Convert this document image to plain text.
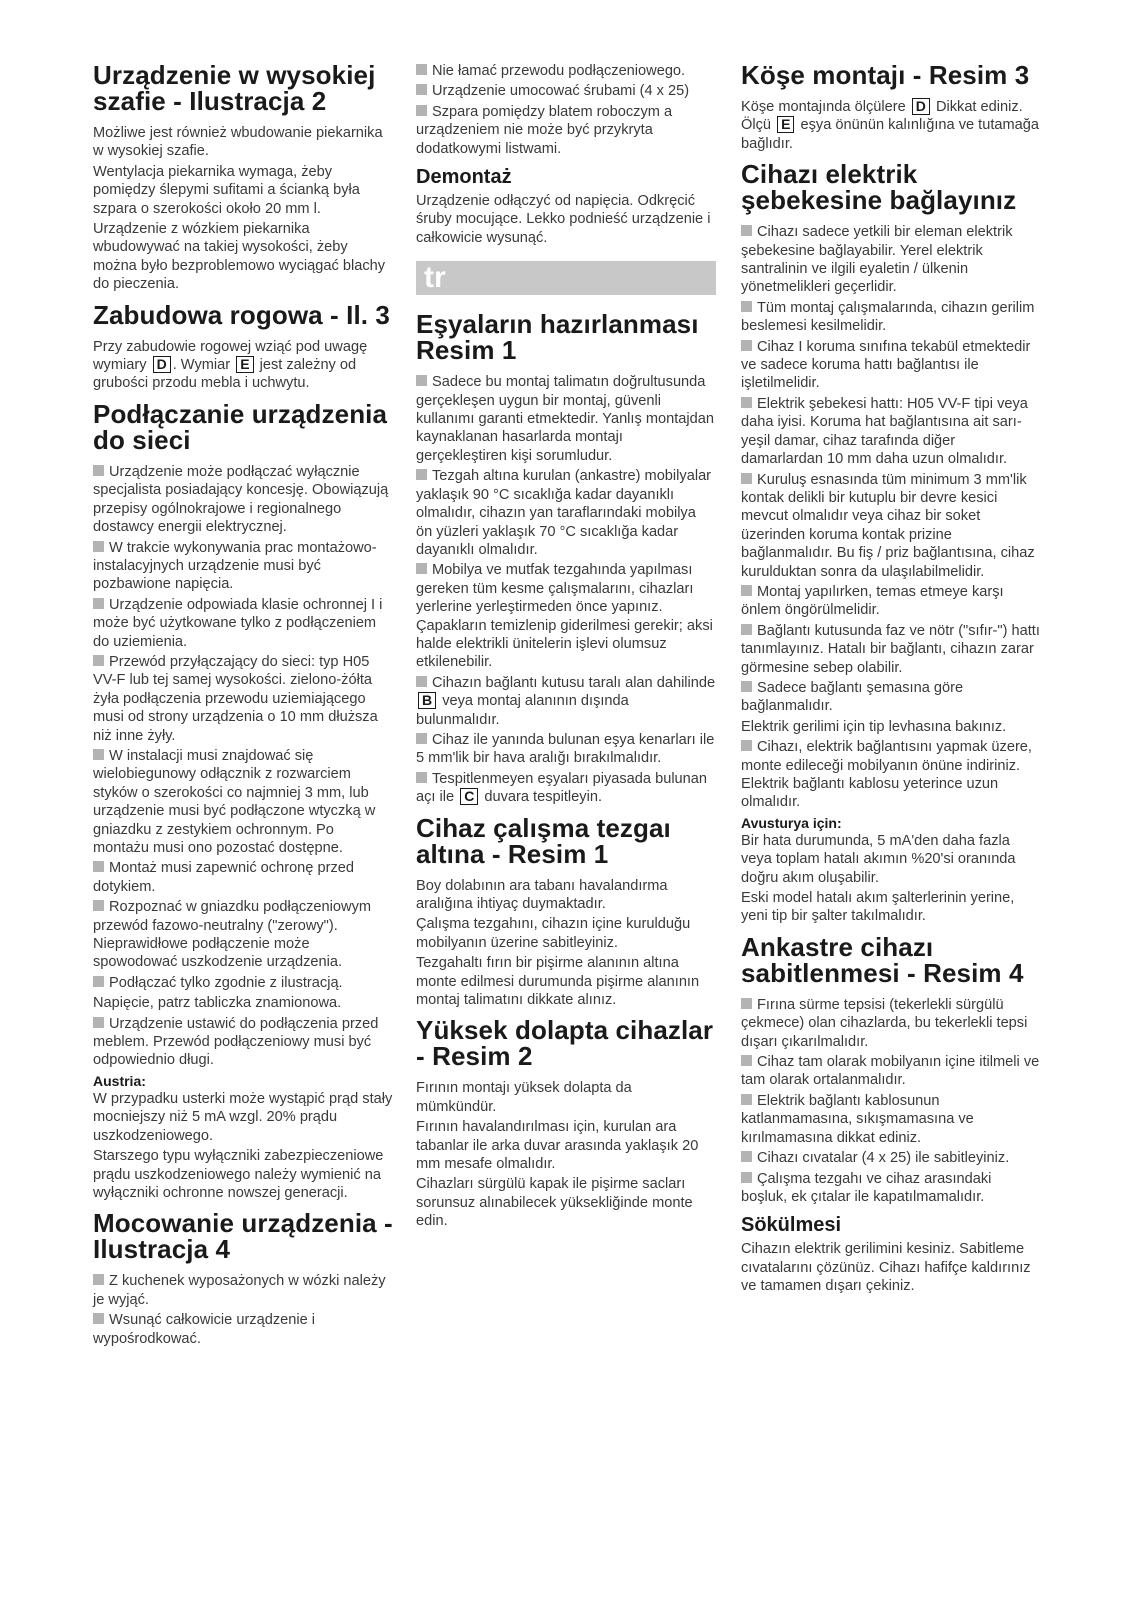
Urządzenie w wysokiej szafie - Ilustracja 2

Możliwe jest również wbudowanie piekarnika w wysokiej szafie.

Wentylacja piekarnika wymaga, żeby pomiędzy ślepymi sufitami a ścianką była szpara o szerokości około 20 mm l.

Urządzenie z wózkiem piekarnika wbudowywać na takiej wysokości, żeby można było bezproblemowo wyciągać blachy do pieczenia.

Zabudowa rogowa - Il. 3

Przy zabudowie rogowej wziąć pod uwagę wymiary D . Wymiar E jest zależny od grubości przodu mebla i uchwytu.

Podłączanie urządzenia do sieci

Urządzenie może podłączać wyłącznie specjalista posiadający koncesję. Obowiązują przepisy ogólnokrajowe i regionalnego dostawcy energii elektrycznej.

W trakcie wykonywania prac montażowo-instalacyjnych urządzenie musi być pozbawione napięcia.

Urządzenie odpowiada klasie ochronnej I i może być użytkowane tylko z podłączeniem do uziemienia.

Przewód przyłączający do sieci: typ H05 VV-F lub tej samej wysokości. zielono-żółta żyła podłączenia przewodu uziemiającego musi od strony urządzenia o 10 mm dłuższa niż inne żyły.

W instalacji musi znajdować się wielobiegunowy odłącznik z rozwarciem styków o szerokości co najmniej 3 mm, lub urządzenie musi być podłączone wtyczką w gniazdku z zestykiem ochronnym. Po montażu musi ono pozostać dostępne.

Montaż musi zapewnić ochronę przed dotykiem.

Rozpoznać w gniazdku podłączeniowym przewód fazowo-neutralny ("zerowy"). Nieprawidłowe podłączenie może spowodować uszkodzenie urządzenia.

Podłączać tylko zgodnie z ilustracją.

Napięcie, patrz tabliczka znamionowa.

Urządzenie ustawić do podłączenia przed meblem. Przewód podłączeniowy musi być odpowiednio długi.

Austria:

W przypadku usterki może wystąpić prąd stały mocniejszy niż 5 mA wzgl. 20% prądu uszkodzeniowego.

Starszego typu wyłączniki zabezpieczeniowe prądu uszkodzeniowego należy wymienić na wyłączniki ochronne nowszej generacji.

Mocowanie urządzenia - Ilustracja 4

Z kuchenek wyposażonych w wózki należy je wyjąć.

Wsunąć całkowicie urządzenie i wypośrodkować.

Nie łamać przewodu podłączeniowego.

Urządzenie umocować śrubami (4 x 25)

Szpara pomiędzy blatem roboczym a urządzeniem nie może być przykryta dodatkowymi listwami.

Demontaż

Urządzenie odłączyć od napięcia. Odkręcić śruby mocujące. Lekko podnieść urządzenie i całkowicie wysunąć.

tr
Eşyaların hazırlanması Resim 1

Sadece bu montaj talimatın doğrultusunda gerçekleşen uygun bir montaj, güvenli kullanımı garanti etmektedir. Yanlış montajdan kaynaklanan hasarlarda montajı gerçekleştiren kişi sorumludur.

Tezgah altına kurulan (ankastre) mobilyalar yaklaşık 90 °C sıcaklığa kadar dayanıklı olmalıdır, cihazın yan taraflarındaki mobilya ön yüzleri yaklaşık 70 °C sıcaklığa kadar dayanıklı olmalıdır.

Mobilya ve mutfak tezgahında yapılması gereken tüm kesme çalışmalarını, cihazları yerlerine yerleştirmeden önce yapınız. Çapakların temizlenip giderilmesi gerekir; aksi halde elektrikli ünitelerin işlevi olumsuz etkilenebilir.

Cihazın bağlantı kutusu taralı alan dahilinde B veya montaj alanının dışında bulunmalıdır.

Cihaz ile yanında bulunan eşya kenarları ile 5 mm'lik bir hava aralığı bırakılmalıdır.

Tespitlenmeyen eşyaları piyasada bulunan açı ile C duvara tespitleyin.

Cihaz çalışma tezgaı altına - Resim 1

Boy dolabının ara tabanı havalandırma aralığına ihtiyaç duymaktadır.

Çalışma tezgahını, cihazın içine kurulduğu mobilyanın üzerine sabitleyiniz.

Tezgahaltı fırın bir pişirme alanının altına monte edilmesi durumunda pişirme alanının montaj talimatını dikkate alınız.

Yüksek dolapta cihazlar - Resim 2

Fırının montajı yüksek dolapta da mümkündür.

Fırının havalandırılması için, kurulan ara tabanlar ile arka duvar arasında yaklaşık 20 mm mesafe olmalıdır.

Cihazları sürgülü kapak ile pişirme sacları sorunsuz alınabilecek yüksekliğinde monte edin.

Köşe montajı - Resim 3

Köşe montajında ölçülere D Dikkat ediniz. Ölçü E eşya önünün kalınlığına ve tutamağa bağlıdır.

Cihazı elektrik şebekesine bağlayınız

Cihazı sadece yetkili bir eleman elektrik şebekesine bağlayabilir. Yerel elektrik santralinin ve ilgili eyaletin / ülkenin yönetmelikleri geçerlidir.

Tüm montaj çalışmalarında, cihazın gerilim beslemesi kesilmelidir.

Cihaz I koruma sınıfına tekabül etmektedir ve sadece koruma hattı bağlantısı ile işletilmelidir.

Elektrik şebekesi hattı: H05 VV-F tipi veya daha iyisi. Koruma hat bağlantısına ait sarı-yeşil damar, cihaz tarafında diğer damarlardan 10 mm daha uzun olmalıdır.

Kuruluş esnasında tüm minimum 3 mm'lik kontak delikli bir kutuplu bir devre kesici mevcut olmalıdır veya cihaz bir soket üzerinden koruma kontak prizine bağlanmalıdır. Bu fiş / priz bağlantısına, cihaz kurulduktan sonra da ulaşılabilmelidir.

Montaj yapılırken, temas etmeye karşı önlem öngörülmelidir.

Bağlantı kutusunda faz ve nötr ("sıfır-") hattı tanımlayınız. Hatalı bir bağlantı, cihazın zarar görmesine sebep olabilir.

Sadece bağlantı şemasına göre bağlanmalıdır.

Elektrik gerilimi için tip levhasına bakınız.

Cihazı, elektrik bağlantısını yapmak üzere, monte edileceği mobilyanın önüne indiriniz. Elektrik bağlantı kablosu yeterince uzun olmalıdır.

Avusturya için:

Bir hata durumunda, 5 mA'den daha fazla veya toplam hatalı akımın %20'si oranında doğru akım oluşabilir.

Eski model hatalı akım şalterlerinin yerine, yeni tip bir şalter takılmalıdır.

Ankastre cihazı sabitlenmesi - Resim 4

Fırına sürme tepsisi (tekerlekli sürgülü çekmece) olan cihazlarda, bu tekerlekli tepsi dışarı çıkarılmalıdır.

Cihaz tam olarak mobilyanın içine itilmeli ve tam olarak ortalanmalıdır.

Elektrik bağlantı kablosunun katlanmamasına, sıkışmamasına ve kırılmamasına dikkat ediniz.

Cihazı cıvatalar (4 x 25) ile sabitleyiniz.

Çalışma tezgahı ve cihaz arasındaki boşluk, ek çıtalar ile kapatılmamalıdır.

Sökülmesi

Cihazın elektrik gerilimini kesiniz. Sabitleme cıvatalarını çözünüz. Cihazı hafifçe kaldırınız ve tamamen dışarı çekiniz.
